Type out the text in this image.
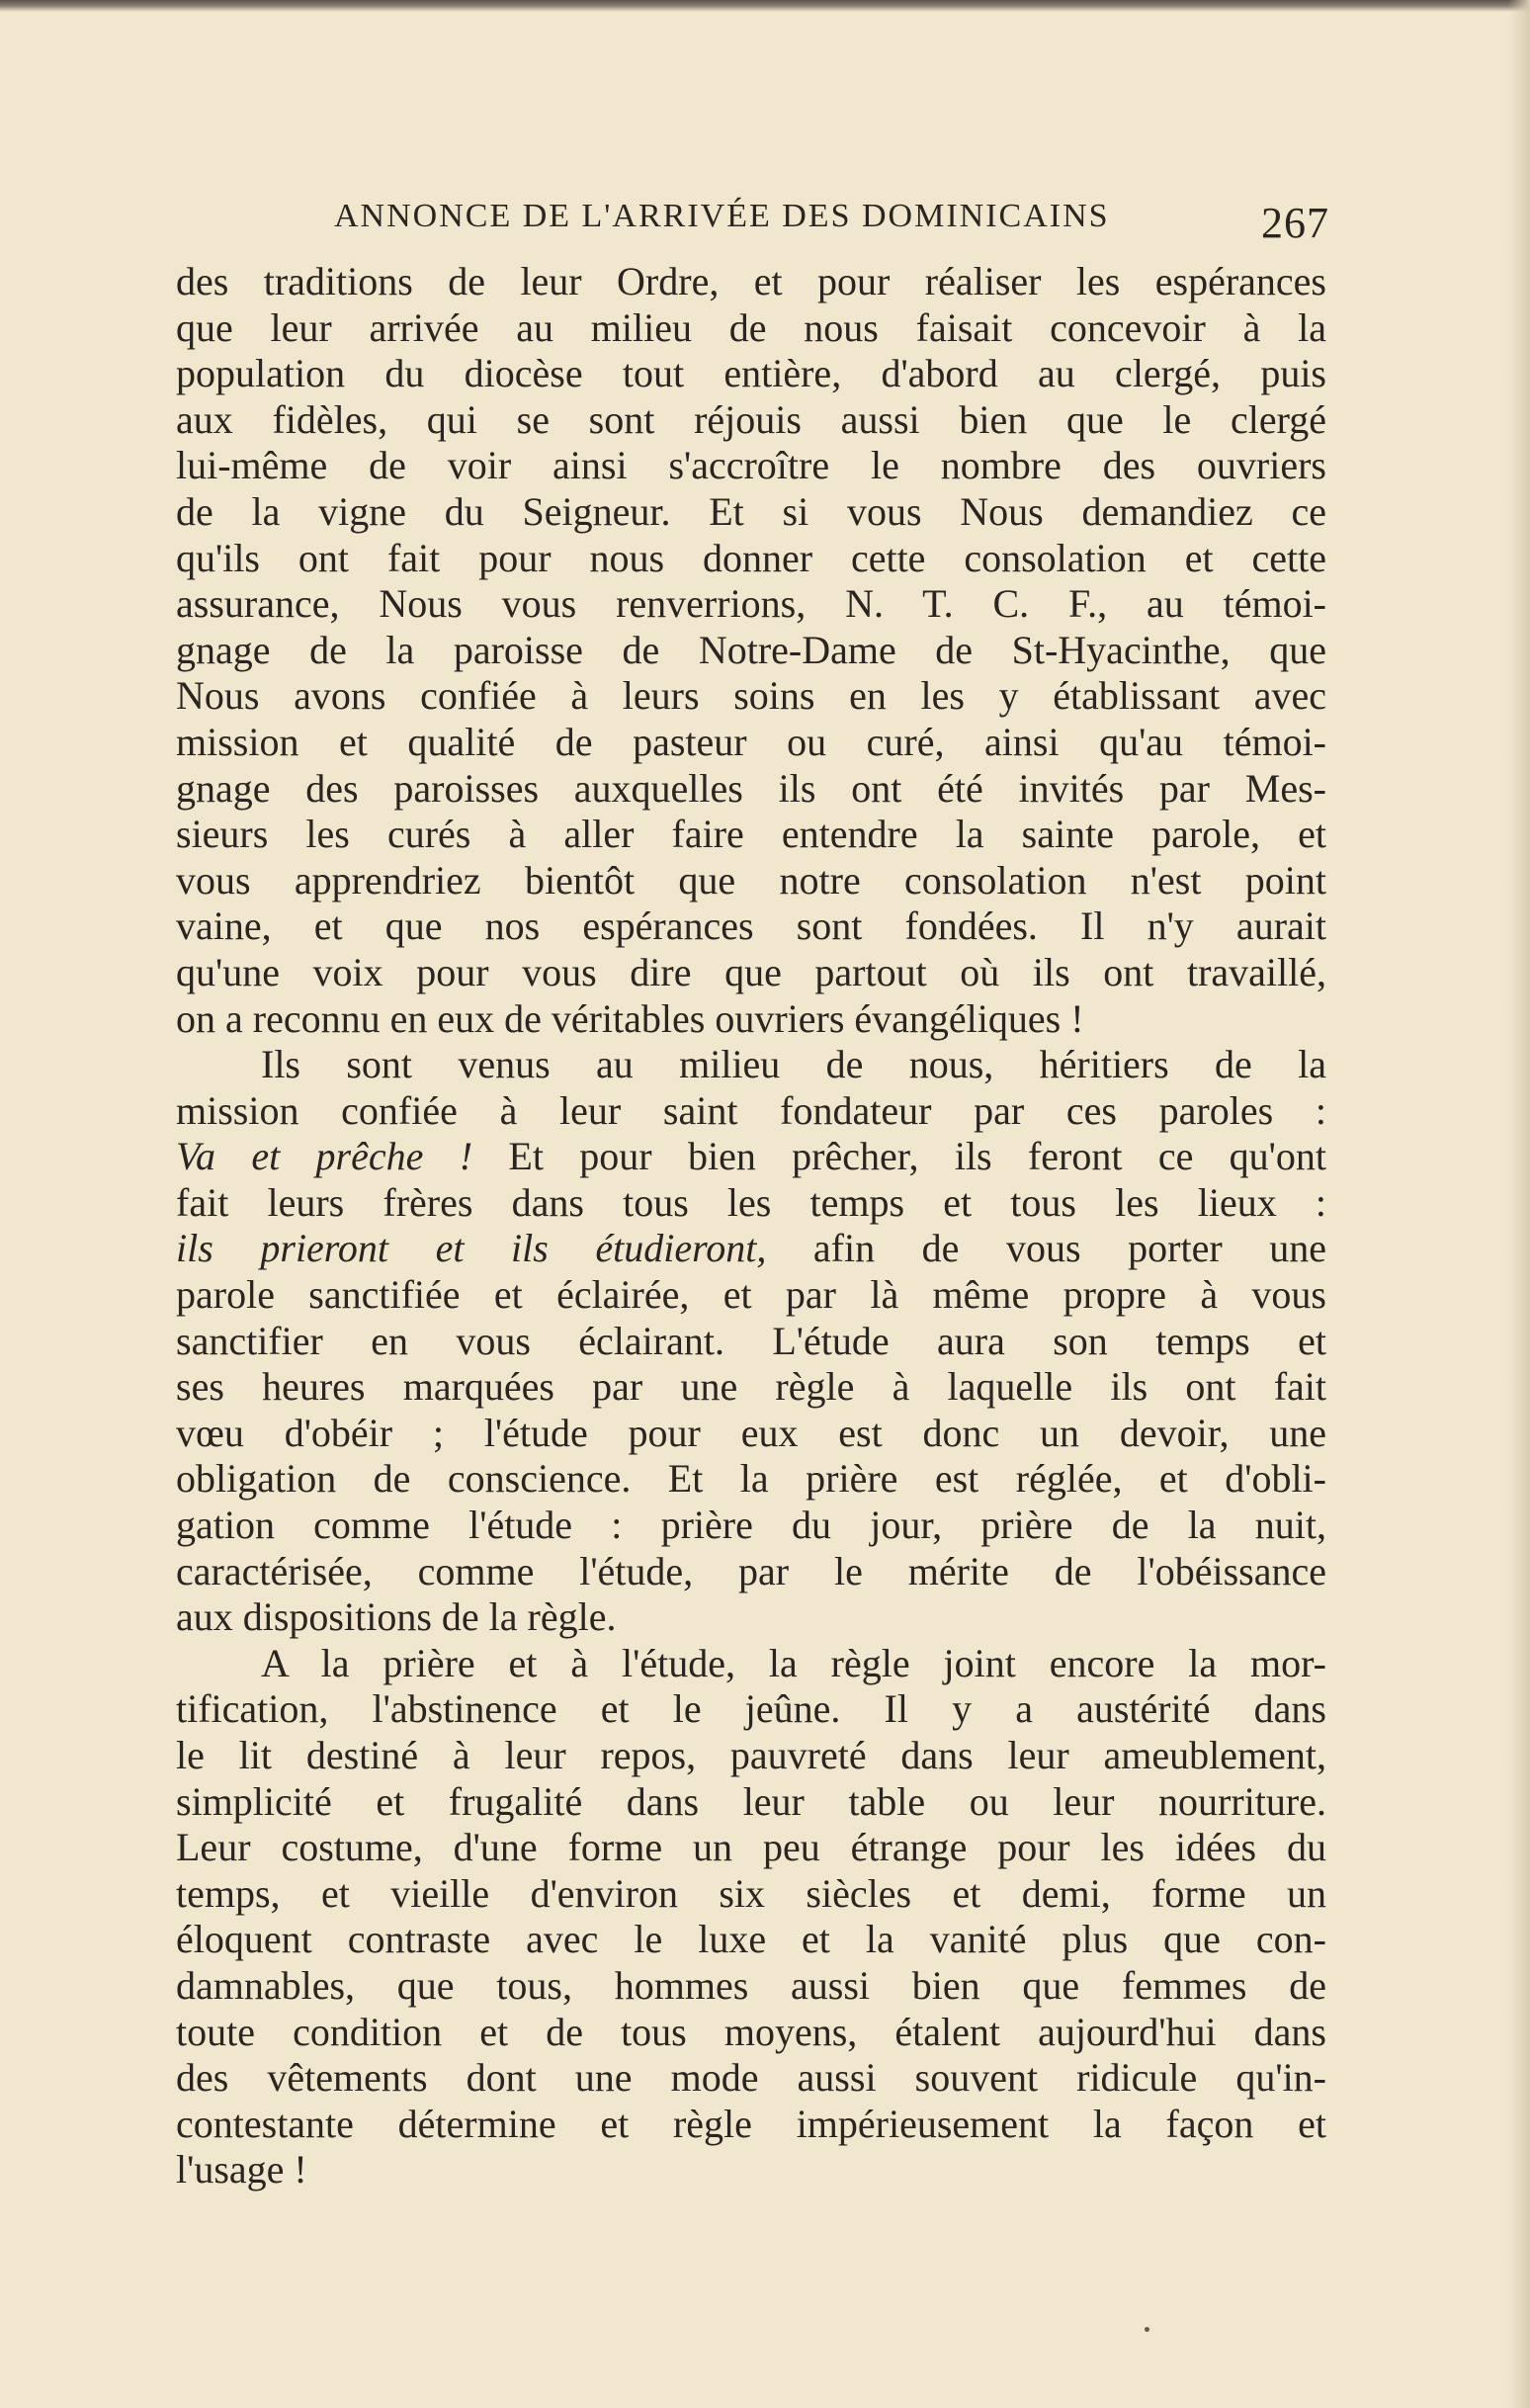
ANNONCE DE L'ARRIVÉE DES DOMINICAINS	267
des traditions de leur Ordre, et pour réaliser les espérances
que leur arrivée au milieu de nous faisait concevoir à la
population du diocèse tout entière, d'abord au clergé, puis
aux fidèles, qui se sont réjouis aussi bien que le clergé
lui-même de voir ainsi s'accroître le nombre des ouvriers
de la vigne du Seigneur. Et si vous Nous demandiez ce
qu'ils ont fait pour nous donner cette consolation et cette
assurance, Nous vous renverrions, N. T. C. F., au témoi-
gnage de la paroisse de Notre-Dame de St-Hyacinthe, que
Nous avons confiée à leurs soins en les y établissant avec
mission et qualité de pasteur ou curé, ainsi qu'au témoi-
gnage des paroisses auxquelles ils ont été invités par Mes-
sieurs les curés à aller faire entendre la sainte parole, et
vous apprendriez bientôt que notre consolation n'est point
vaine, et que nos espérances sont fondées. Il n'y aurait
qu'une voix pour vous dire que partout où ils ont travaillé,
on a reconnu en eux de véritables ouvriers évangéliques !
Ils sont venus au milieu de nous, héritiers de la
mission confiée à leur saint fondateur par ces paroles :
Va et prêche ! Et pour bien prêcher, ils feront ce qu'ont
fait leurs frères dans tous les temps et tous les lieux :
ils prieront et ils étudieront, afin de vous porter une
parole sanctifiée et éclairée, et par là même propre à vous
sanctifier en vous éclairant. L'étude aura son temps et
ses heures marquées par une règle à laquelle ils ont fait
vœu d'obéir ; l'étude pour eux est donc un devoir, une
obligation de conscience. Et la prière est réglée, et d'obli-
gation comme l'étude : prière du jour, prière de la nuit,
caractérisée, comme l'étude, par le mérite de l'obéissance
aux dispositions de la règle.
A la prière et à l'étude, la règle joint encore la mor-
tification, l'abstinence et le jeûne. Il y a austérité dans
le lit destiné à leur repos, pauvreté dans leur ameublement,
simplicité et frugalité dans leur table ou leur nourriture.
Leur costume, d'une forme un peu étrange pour les idées du
temps, et vieille d'environ six siècles et demi, forme un
éloquent contraste avec le luxe et la vanité plus que con-
damnables, que tous, hommes aussi bien que femmes de
toute condition et de tous moyens, étalent aujourd'hui dans
des vêtements dont une mode aussi souvent ridicule qu'in-
contestante détermine et règle impérieusement la façon et
l'usage !
